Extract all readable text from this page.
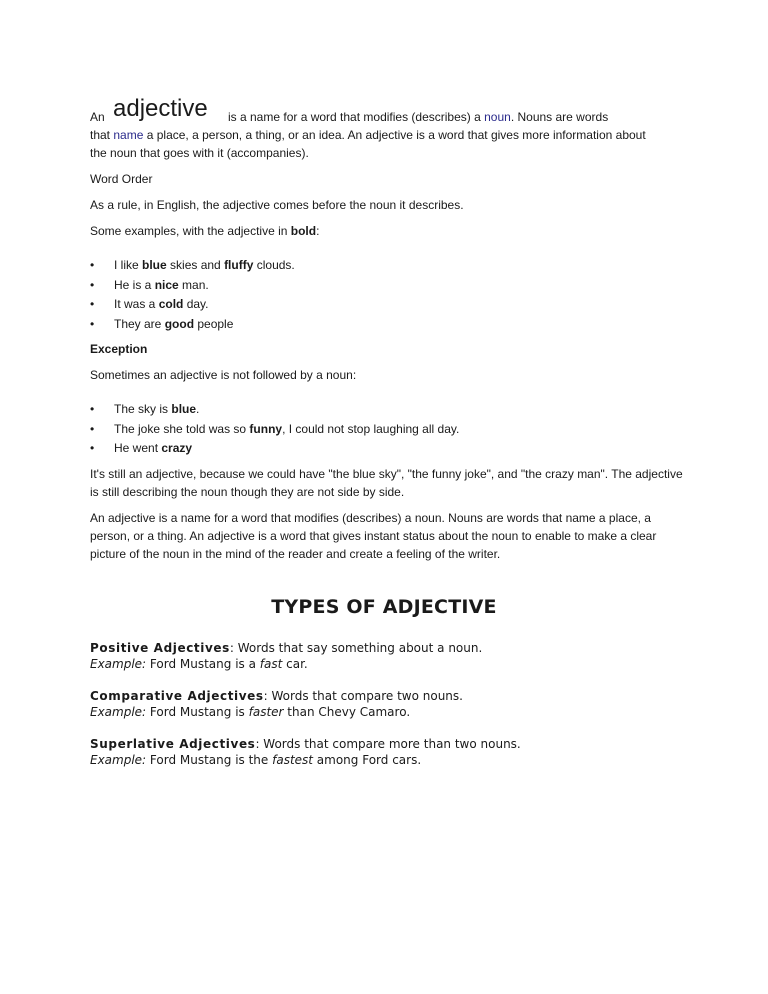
An adjective is a name for a word that modifies (describes) a noun. Nouns are words

that name a place, a person, a thing, or an idea. An adjective is a word that gives more information about

the noun that goes with it (accompanies).

Word Order

As a rule, in English, the adjective comes before the noun it describes.

Some examples, with the adjective in bold:

• I like blue skies and fluffy clouds.
• He is a nice man.
• It was a cold day.
• They are good people

Exception

Sometimes an adjective is not followed by a noun:

• The sky is blue.
• The joke she told was so funny, I could not stop laughing all day.
• He went crazy

It's still an adjective, because we could have "the blue sky", "the funny joke", and "the crazy man". The adjective is still describing the noun though they are not side by side.

An adjective is a name for a word that modifies (describes) a noun. Nouns are words that name a place, a person, or a thing. An adjective is a word that gives instant status about the noun to enable to make a clear picture of the noun in the mind of the reader and create a feeling of the writer.

TYPES OF ADJECTIVE
Positive Adjectives: Words that say something about a noun.
Example: Ford Mustang is a fast car.
Comparative Adjectives: Words that compare two nouns.
Example: Ford Mustang is faster than Chevy Camaro.
Superlative Adjectives: Words that compare more than two nouns.
Example: Ford Mustang is the fastest among Ford cars.
